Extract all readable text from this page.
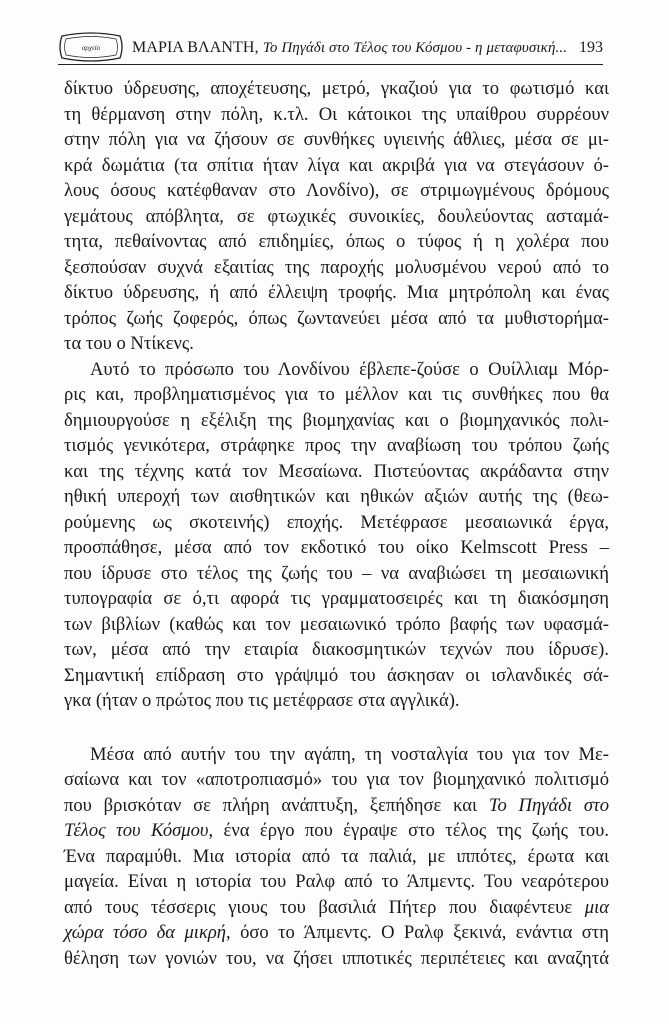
αρχείο ΜΑΡΙΑ ΒΛΑΝΤΗ, Το Πηγάδι στο Τέλος του Κόσμου - η μεταφυσική... 193
δίκτυο ύδρευσης, αποχέτευσης, μετρό, γκαζιού για το φωτισμό και
τη θέρμανση στην πόλη, κ.τλ. Οι κάτοικοι της υπαίθρου συρρέουν
στην πόλη για να ζήσουν σε συνθήκες υγιεινής άθλιες, μέσα σε μι-
κρά δωμάτια (τα σπίτια ήταν λίγα και ακριβά για να στεγάσουν ό-
λους όσους κατέφθαναν στο Λονδίνο), σε στριμωγμένους δρόμους
γεμάτους απόβλητα, σε φτωχικές συνοικίες, δουλεύοντας ασταμά-
τητα, πεθαίνοντας από επιδημίες, όπως ο τύφος ή η χολέρα που
ξεσπούσαν συχνά εξαιτίας της παροχής μολυσμένου νερού από το
δίκτυο ύδρευσης, ή από έλλειψη τροφής. Μια μητρόπολη και ένας
τρόπος ζωής ζοφερός, όπως ζωντανεύει μέσα από τα μυθιστορήμα-
τα του ο Ντίκενς.
Αυτό το πρόσωπο του Λονδίνου έβλεπε-ζούσε ο Ουίλλιαμ Μόρ-
ρις και, προβληματισμένος για το μέλλον και τις συνθήκες που θα
δημιουργούσε η εξέλιξη της βιομηχανίας και ο βιομηχανικός πολι-
τισμός γενικότερα, στράφηκε προς την αναβίωση του τρόπου ζωής
και της τέχνης κατά τον Μεσαίωνα. Πιστεύοντας ακράδαντα στην
ηθική υπεροχή των αισθητικών και ηθικών αξιών αυτής της (θεω-
ρούμενης ως σκοτεινής) εποχής. Μετέφρασε μεσαιωνικά έργα,
προσπάθησε, μέσα από τον εκδοτικό του οίκο Kelmscott Press –
που ίδρυσε στο τέλος της ζωής του – να αναβιώσει τη μεσαιωνική
τυπογραφία σε ό,τι αφορά τις γραμματοσειρές και τη διακόσμηση
των βιβλίων (καθώς και τον μεσαιωνικό τρόπο βαφής των υφασμά-
των, μέσα από την εταιρία διακοσμητικών τεχνών που ίδρυσε).
Σημαντική επίδραση στο γράψιμό του άσκησαν οι ισλανδικές σά-
γκα (ήταν ο πρώτος που τις μετέφρασε στα αγγλικά).
Μέσα από αυτήν του την αγάπη, τη νοσταλγία του για τον Με-
σαίωνα και τον «αποτροπιασμό» του για τον βιομηχανικό πολιτισμό
που βρισκόταν σε πλήρη ανάπτυξη, ξεπήδησε και Το Πηγάδι στο
Τέλος του Κόσμου, ένα έργο που έγραψε στο τέλος της ζωής του.
Ένα παραμύθι. Μια ιστορία από τα παλιά, με ιππότες, έρωτα και
μαγεία. Είναι η ιστορία του Ραλφ από το Άπμεντς. Του νεαρότερου
από τους τέσσερις γιους του βασιλιά Πήτερ που διαφέντευε μια
χώρα τόσο δα μικρή, όσο το Άπμεντς. Ο Ραλφ ξεκινά, ενάντια στη
θέληση των γονιών του, να ζήσει ιπποτικές περιπέτειες και αναζητά
